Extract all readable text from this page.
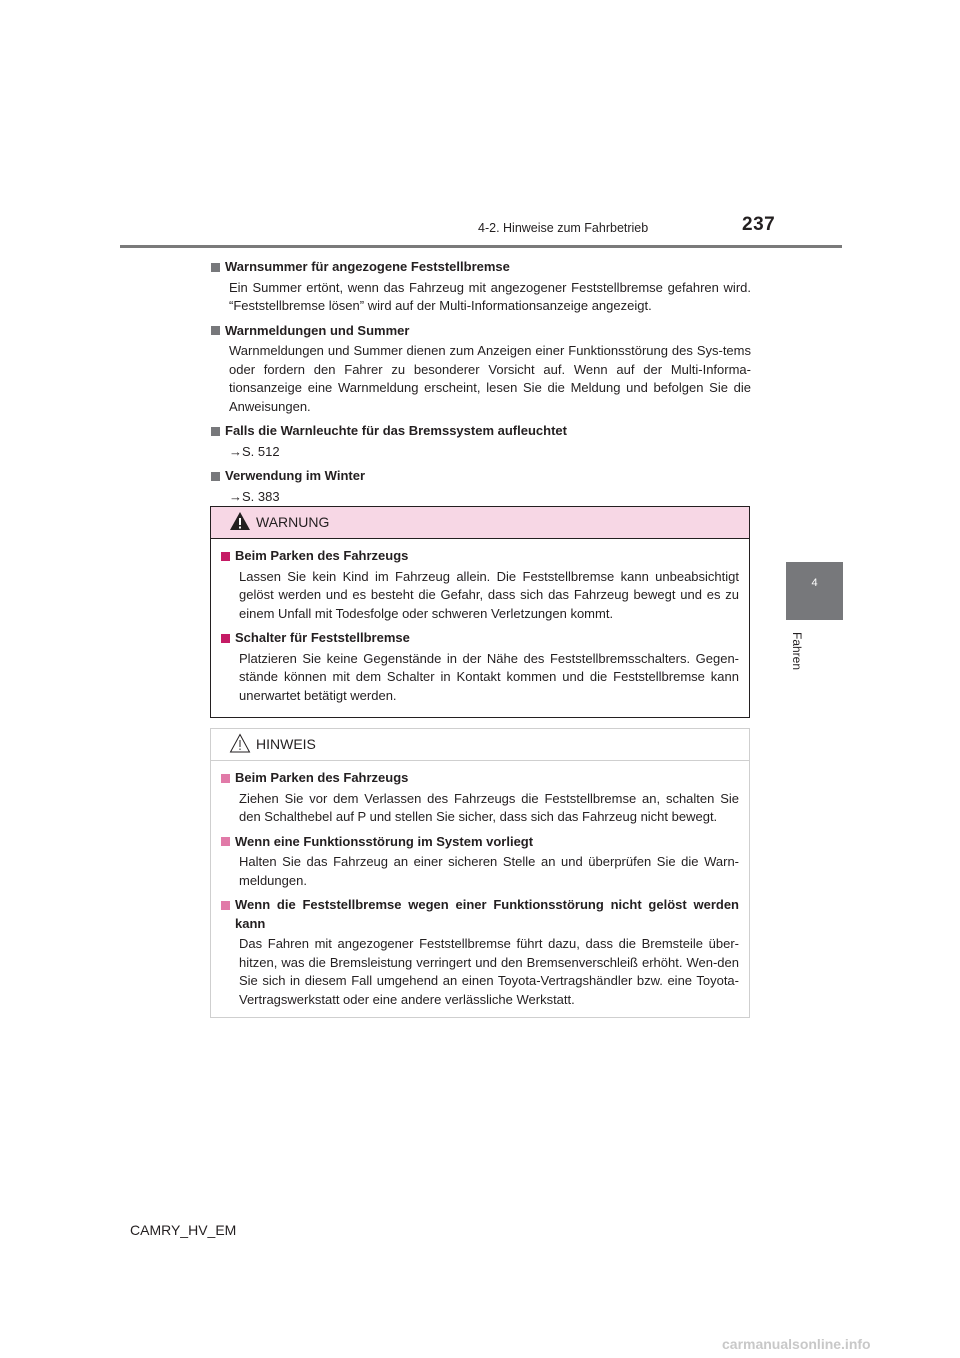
4-2. Hinweise zum Fahrbetrieb	237
4
Fahren
Warnsummer für angezogene Feststellbremse
Ein Summer ertönt, wenn das Fahrzeug mit angezogener Feststellbremse gefahren wird. “Feststellbremse lösen” wird auf der Multi-Informationsanzeige angezeigt.
Warnmeldungen und Summer
Warnmeldungen und Summer dienen zum Anzeigen einer Funktionsstörung des Sys-tems oder fordern den Fahrer zu besonderer Vorsicht auf. Wenn auf der Multi-Informa-tionsanzeige eine Warnmeldung erscheint, lesen Sie die Meldung und befolgen Sie die Anweisungen.
Falls die Warnleuchte für das Bremssystem aufleuchtet
→S. 512
Verwendung im Winter
→S. 383
WARNUNG
Beim Parken des Fahrzeugs
Lassen Sie kein Kind im Fahrzeug allein. Die Feststellbremse kann unbeabsichtigt gelöst werden und es besteht die Gefahr, dass sich das Fahrzeug bewegt und es zu einem Unfall mit Todesfolge oder schweren Verletzungen kommt.
Schalter für Feststellbremse
Platzieren Sie keine Gegenstände in der Nähe des Feststellbremsschalters. Gegen-stände können mit dem Schalter in Kontakt kommen und die Feststellbremse kann unerwartet betätigt werden.
HINWEIS
Beim Parken des Fahrzeugs
Ziehen Sie vor dem Verlassen des Fahrzeugs die Feststellbremse an, schalten Sie den Schalthebel auf P und stellen Sie sicher, dass sich das Fahrzeug nicht bewegt.
Wenn eine Funktionsstörung im System vorliegt
Halten Sie das Fahrzeug an einer sicheren Stelle an und überprüfen Sie die Warn-meldungen.
Wenn die Feststellbremse wegen einer Funktionsstörung nicht gelöst werden kann
Das Fahren mit angezogener Feststellbremse führt dazu, dass die Bremsteile über-hitzen, was die Bremsleistung verringert und den Bremsenverschleiß erhöht. Wen-den Sie sich in diesem Fall umgehend an einen Toyota-Vertragshändler bzw. eine Toyota-Vertragswerkstatt oder eine andere verlässliche Werkstatt.
CAMRY_HV_EM
carmanualsonline.info
